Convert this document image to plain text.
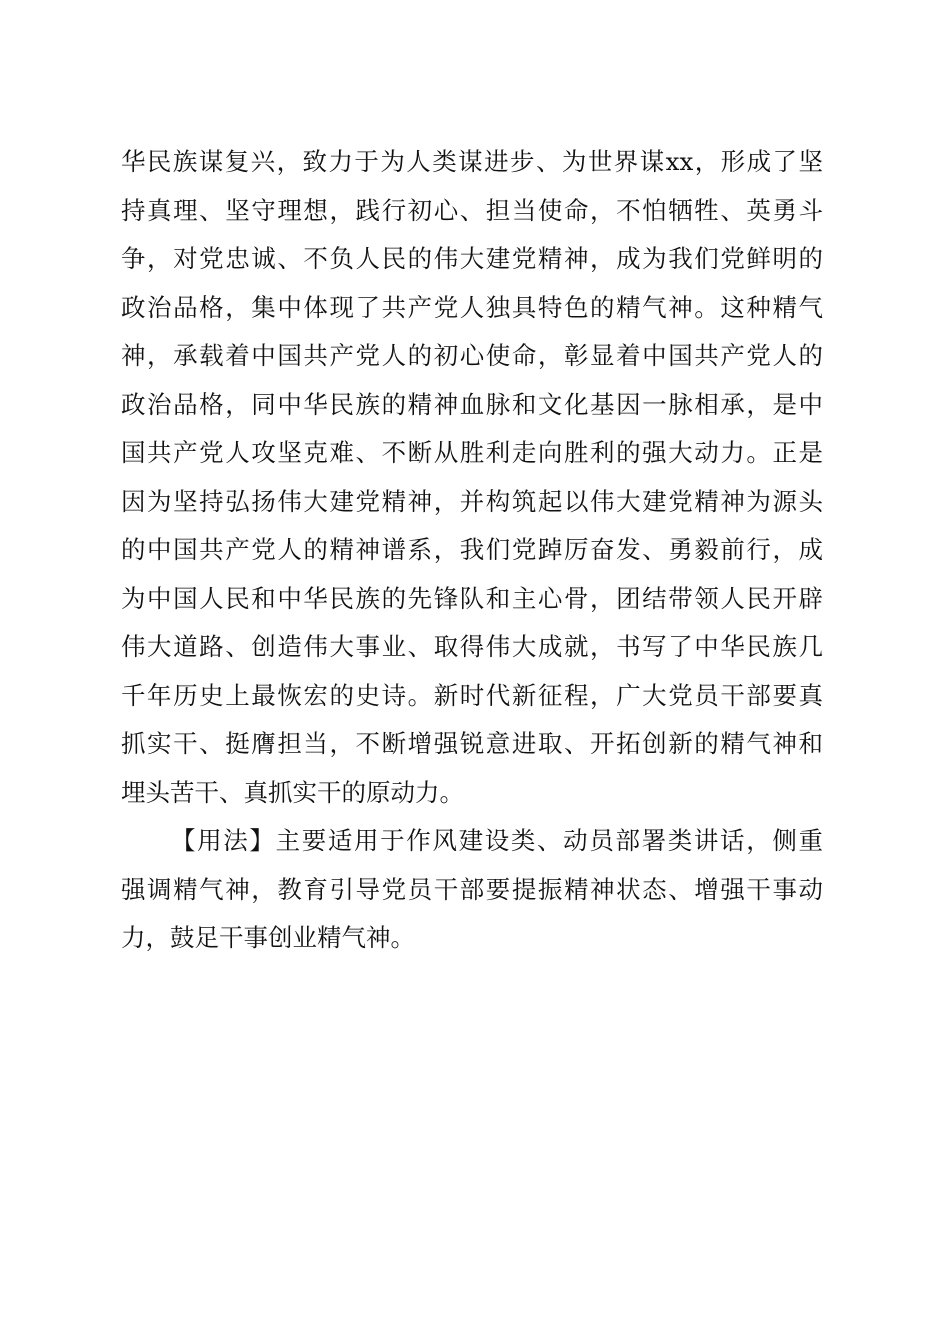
华民族谋复兴，致力于为人类谋进步、为世界谋xx，形成了坚
持真理、坚守理想，践行初心、担当使命，不怕牺牲、英勇斗
争，对党忠诚、不负人民的伟大建党精神，成为我们党鲜明的
政治品格，集中体现了共产党人独具特色的精气神。这种精气
神，承载着中国共产党人的初心使命，彰显着中国共产党人的
政治品格，同中华民族的精神血脉和文化基因一脉相承，是中
国共产党人攻坚克难、不断从胜利走向胜利的强大动力。正是
因为坚持弘扬伟大建党精神，并构筑起以伟大建党精神为源头
的中国共产党人的精神谱系，我们党踔厉奋发、勇毅前行，成
为中国人民和中华民族的先锋队和主心骨，团结带领人民开辟
伟大道路、创造伟大事业、取得伟大成就，书写了中华民族几
千年历史上最恢宏的史诗。新时代新征程，广大党员干部要真
抓实干、挺膺担当，不断增强锐意进取、开拓创新的精气神和
埋头苦干、真抓实干的原动力。
【用法】主要适用于作风建设类、动员部署类讲话，侧重
强调精气神，教育引导党员干部要提振精神状态、增强干事动
力，鼓足干事创业精气神。
